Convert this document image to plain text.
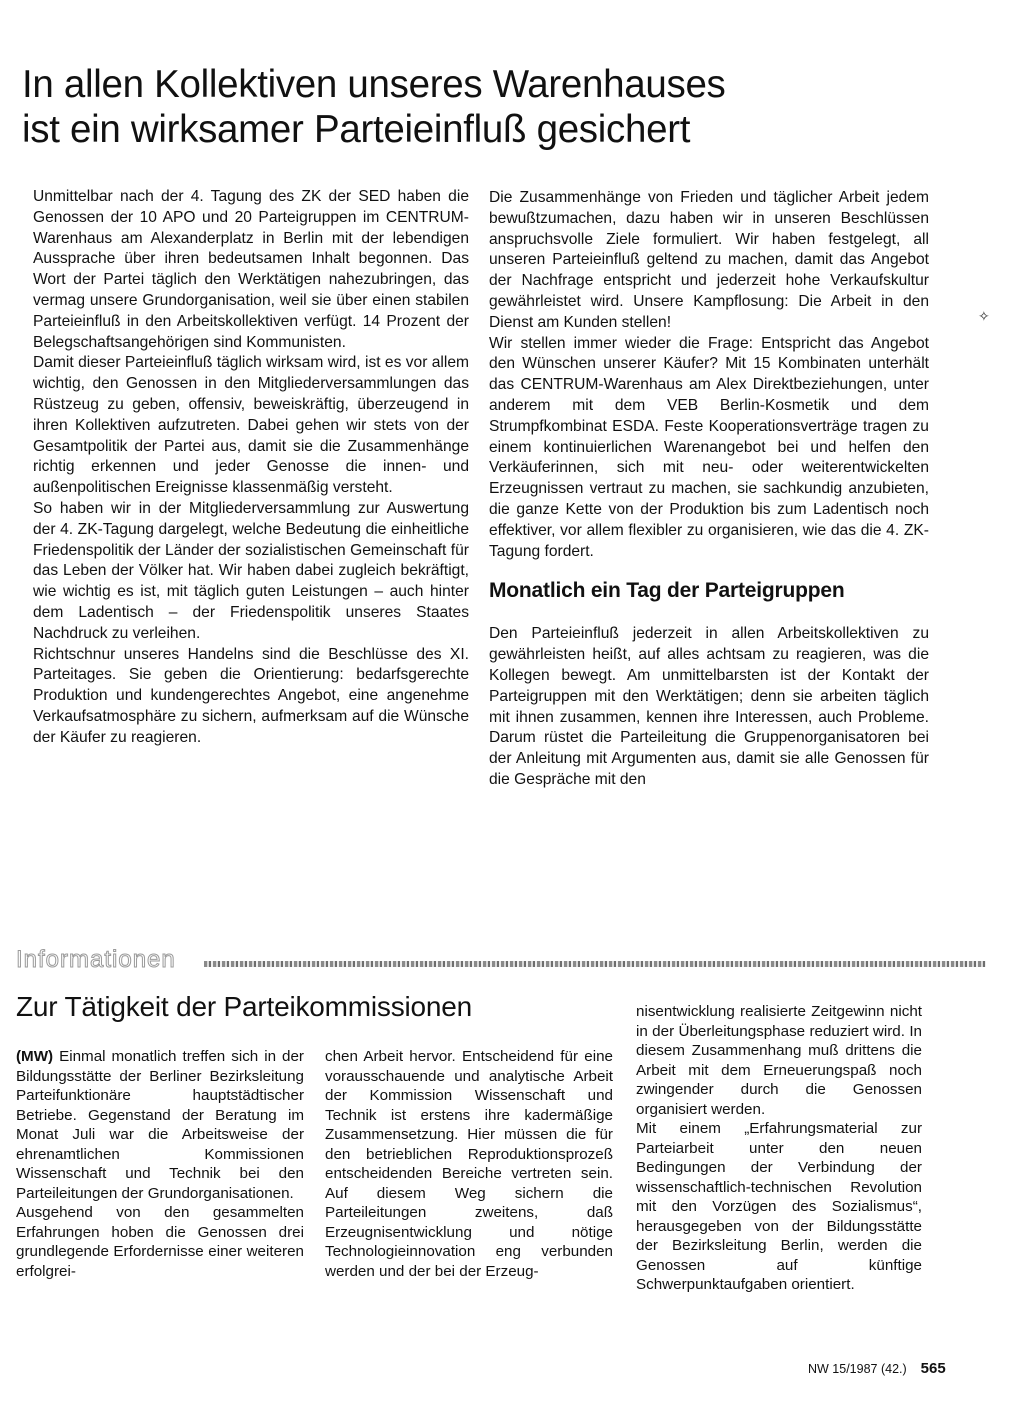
In allen Kollektiven unseres Warenhauses
ist ein wirksamer Parteieinfluß gesichert

Unmittelbar nach der 4. Tagung des ZK der SED haben die Genossen der 10 APO und 20 Parteigruppen im CENTRUM-Warenhaus am Alexanderplatz in Berlin mit der lebendigen Aussprache über ihren bedeutsamen Inhalt begonnen. Das Wort der Partei täglich den Werktätigen nahezubringen, das vermag unsere Grundorganisation, weil sie über einen stabilen Parteieinfluß in den Arbeitskollektiven verfügt. 14 Prozent der Belegschaftsangehörigen sind Kommunisten.

Damit dieser Parteieinfluß täglich wirksam wird, ist es vor allem wichtig, den Genossen in den Mitgliederversammlungen das Rüstzeug zu geben, offensiv, beweiskräftig, überzeugend in ihren Kollektiven aufzutreten. Dabei gehen wir stets von der Gesamtpolitik der Partei aus, damit sie die Zusammenhänge richtig erkennen und jeder Genosse die innen- und außenpolitischen Ereignisse klassenmäßig versteht.

So haben wir in der Mitgliederversammlung zur Auswertung der 4. ZK-Tagung dargelegt, welche Bedeutung die einheitliche Friedenspolitik der Länder der sozialistischen Gemeinschaft für das Leben der Völker hat. Wir haben dabei zugleich bekräftigt, wie wichtig es ist, mit täglich guten Leistungen – auch hinter dem Ladentisch – der Friedenspolitik unseres Staates Nachdruck zu verleihen.

Richtschnur unseres Handelns sind die Beschlüsse des XI. Parteitages. Sie geben die Orientierung: bedarfsgerechte Produktion und kundengerechtes Angebot, eine angenehme Verkaufsatmosphäre zu sichern, aufmerksam auf die Wünsche der Käufer zu reagieren.

Die Zusammenhänge von Frieden und täglicher Arbeit jedem bewußtzumachen, dazu haben wir in unseren Beschlüssen anspruchsvolle Ziele formuliert. Wir haben festgelegt, all unseren Parteieinfluß geltend zu machen, damit das Angebot der Nachfrage entspricht und jederzeit hohe Verkaufskultur gewährleistet wird. Unsere Kampflosung: Die Arbeit in den Dienst am Kunden stellen!

Wir stellen immer wieder die Frage: Entspricht das Angebot den Wünschen unserer Käufer? Mit 15 Kombinaten unterhält das CENTRUM-Warenhaus am Alex Direktbeziehungen, unter anderem mit dem VEB Berlin-Kosmetik und dem Strumpfkombinat ESDA. Feste Kooperationsverträge tragen zu einem kontinuierlichen Warenangebot bei und helfen den Verkäuferinnen, sich mit neu- oder weiterentwickelten Erzeugnissen vertraut zu machen, sie sachkundig anzubieten, die ganze Kette von der Produktion bis zum Ladentisch noch effektiver, vor allem flexibler zu organisieren, wie das die 4. ZK-Tagung fordert.

Monatlich ein Tag der Parteigruppen

Den Parteieinfluß jederzeit in allen Arbeitskollektiven zu gewährleisten heißt, auf alles achtsam zu reagieren, was die Kollegen bewegt. Am unmittelbarsten ist der Kontakt der Parteigruppen mit den Werktätigen; denn sie arbeiten täglich mit ihnen zusammen, kennen ihre Interessen, auch Probleme. Darum rüstet die Parteileitung die Gruppenorganisatoren bei der Anleitung mit Argumenten aus, damit sie alle Genossen für die Gespräche mit den

✧
Informationen
Zur Tätigkeit der Parteikommissionen

(MW) Einmal monatlich treffen sich in der Bildungsstätte der Berliner Bezirksleitung Parteifunktionäre hauptstädtischer Betriebe. Gegenstand der Beratung im Monat Juli war die Arbeitsweise der ehrenamtlichen Kommissionen Wissenschaft und Technik bei den Parteileitungen der Grundorganisationen.

Ausgehend von den gesammelten Erfahrungen hoben die Genossen drei grundlegende Erfordernisse einer weiteren erfolgrei-

chen Arbeit hervor. Entscheidend für eine vorausschauende und analytische Arbeit der Kommission Wissenschaft und Technik ist erstens ihre kadermäßige Zusammensetzung. Hier müssen die für den betrieblichen Reproduktionsprozeß entscheidenden Bereiche vertreten sein. Auf diesem Weg sichern die Parteileitungen zweitens, daß Erzeugnisentwicklung und nötige Technologieinnovation eng verbunden werden und der bei der Erzeug-

nisentwicklung realisierte Zeitgewinn nicht in der Überleitungsphase reduziert wird. In diesem Zusammenhang muß drittens die Arbeit mit dem Erneuerungspaß noch zwingender durch die Genossen organisiert werden.

Mit einem „Erfahrungsmaterial zur Parteiarbeit unter den neuen Bedingungen der Verbindung der wissenschaftlich-technischen Revolution mit den Vorzügen des Sozialismus“, herausgegeben von der Bildungsstätte der Bezirksleitung Berlin, werden die Genossen auf künftige Schwerpunktaufgaben orientiert.

NW 15/1987 (42.) 565
